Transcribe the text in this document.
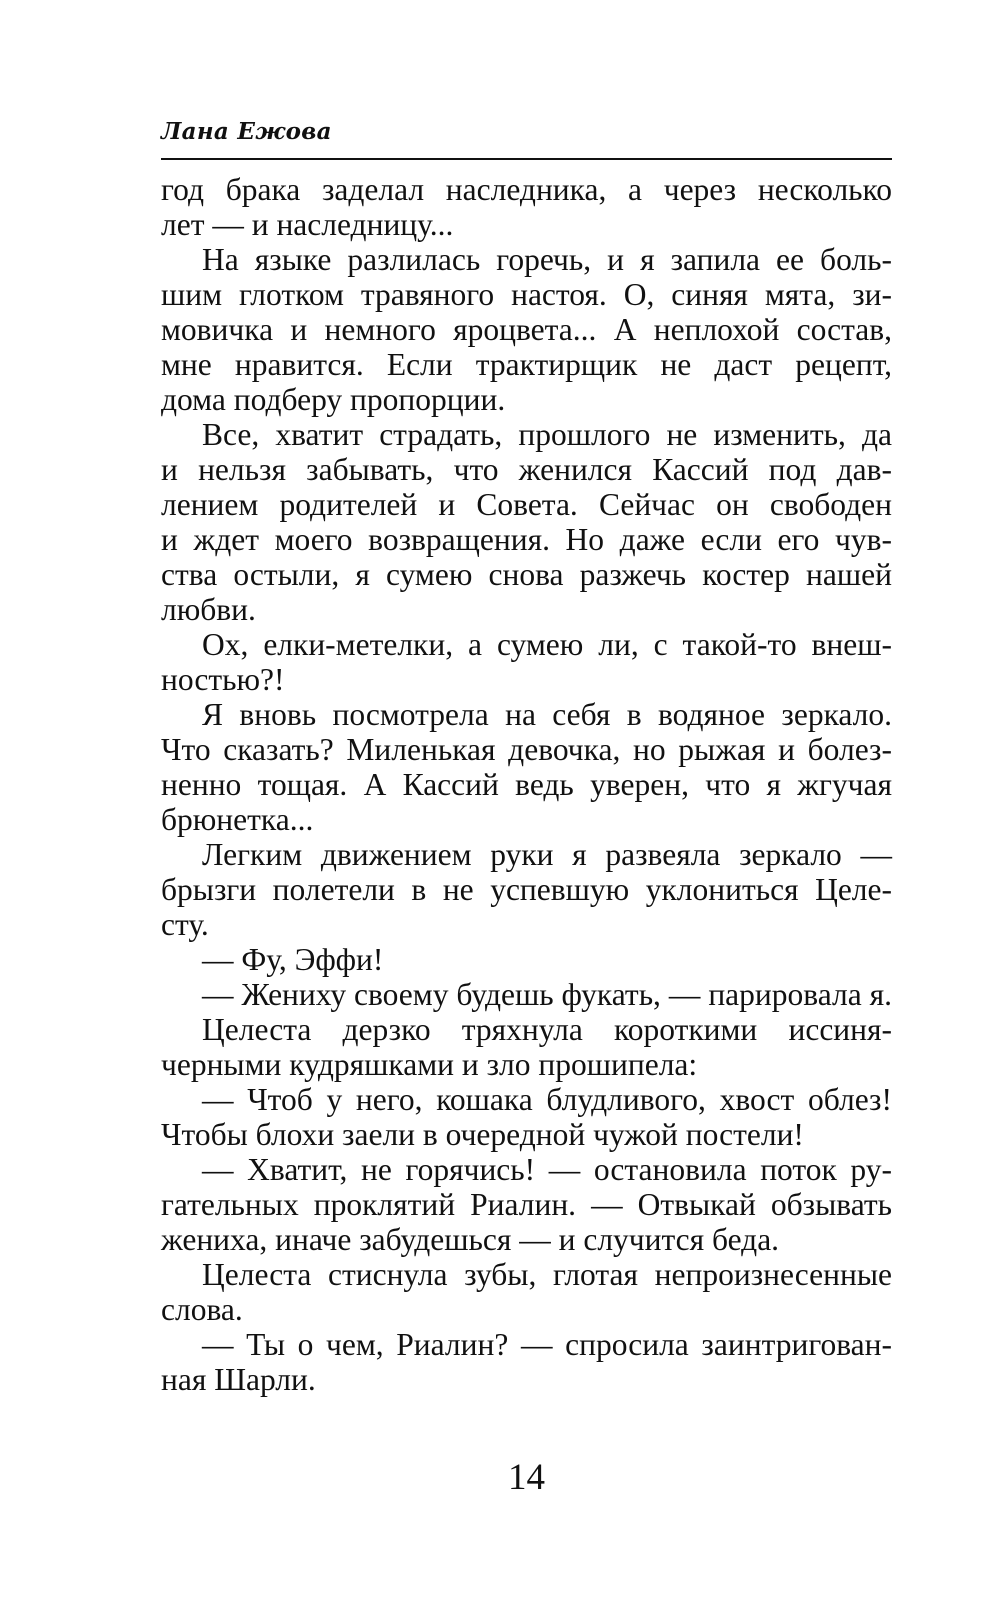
Лана Ежова
год брака заделал наследника, а через несколько
лет — и наследницу...
На языке разлилась горечь, и я запила ее боль-
шим глотком травяного настоя. О, синяя мята, зи-
мовичка и немного яроцвета... А неплохой состав,
мне нравится. Если трактирщик не даст рецепт,
дома подберу пропорции.
Все, хватит страдать, прошлого не изменить, да
и нельзя забывать, что женился Кассий под дав-
лением родителей и Совета. Сейчас он свободен
и ждет моего возвращения. Но даже если его чув-
ства остыли, я сумею снова разжечь костер нашей
любви.
Ох, елки-метелки, а сумею ли, с такой-то внеш-
ностью?!
Я вновь посмотрела на себя в водяное зеркало.
Что сказать? Миленькая девочка, но рыжая и болез-
ненно тощая. А Кассий ведь уверен, что я жгучая
брюнетка...
Легким движением руки я развеяла зеркало —
брызги полетели в не успевшую уклониться Целе-
сту.
— Фу, Эффи!
— Жениху своему будешь фукать, — парировала я.
Целеста дерзко тряхнула короткими иссиня-
черными кудряшками и зло прошипела:
— Чтоб у него, кошака блудливого, хвост облез!
Чтобы блохи заели в очередной чужой постели!
— Хватит, не горячись! — остановила поток ру-
гательных проклятий Риалин. — Отвыкай обзывать
жениха, иначе забудешься — и случится беда.
Целеста стиснула зубы, глотая непроизнесенные
слова.
— Ты о чем, Риалин? — спросила заинтригован-
ная Шарли.
14
